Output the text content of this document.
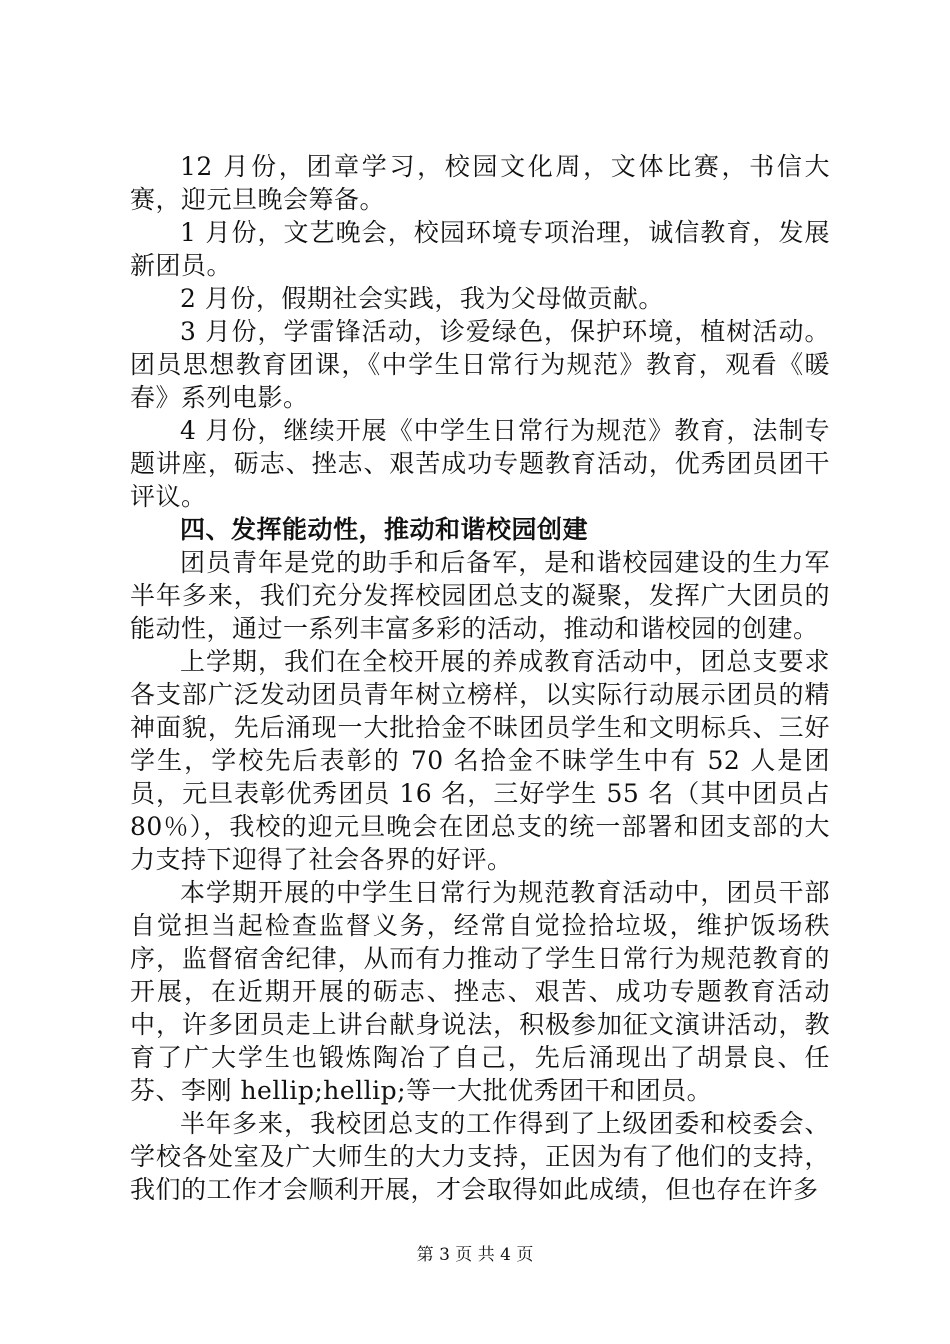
12 月份，团章学习，校园文化周，文体比赛，书信大赛，迎元旦晚会筹备。

1 月份，文艺晚会，校园环境专项治理，诚信教育，发展新团员。

2 月份，假期社会实践，我为父母做贡献。

3 月份，学雷锋活动，诊爱绿色，保护环境，植树活动。团员思想教育团课，《中学生日常行为规范》教育，观看《暖春》系列电影。

4 月份，继续开展《中学生日常行为规范》教育，法制专题讲座，砺志、挫志、艰苦成功专题教育活动，优秀团员团干评议。

四、发挥能动性，推动和谐校园创建

团员青年是党的助手和后备军，是和谐校园建设的生力军半年多来，我们充分发挥校园团总支的凝聚，发挥广大团员的能动性，通过一系列丰富多彩的活动，推动和谐校园的创建。

上学期，我们在全校开展的养成教育活动中，团总支要求各支部广泛发动团员青年树立榜样，以实际行动展示团员的精神面貌，先后涌现一大批拾金不昧团员学生和文明标兵、三好学生，学校先后表彰的 70 名拾金不昧学生中有 52 人是团员，元旦表彰优秀团员 16 名，三好学生 55 名（其中团员占 80％），我校的迎元旦晚会在团总支的统一部署和团支部的大力支持下迎得了社会各界的好评。

本学期开展的中学生日常行为规范教育活动中，团员干部自觉担当起检查监督义务，经常自觉捡拾垃圾，维护饭场秩序，监督宿舍纪律，从而有力推动了学生日常行为规范教育的开展，在近期开展的砺志、挫志、艰苦、成功专题教育活动中，许多团员走上讲台献身说法，积极参加征文演讲活动，教育了广大学生也锻炼陶冶了自己，先后涌现出了胡景良、任芬、李刚 hellip;hellip;等一大批优秀团干和团员。

半年多来，我校团总支的工作得到了上级团委和校委会、学校各处室及广大师生的大力支持，正因为有了他们的支持，我们的工作才会顺利开展，才会取得如此成绩，但也存在许多

第 3 页 共 4 页
